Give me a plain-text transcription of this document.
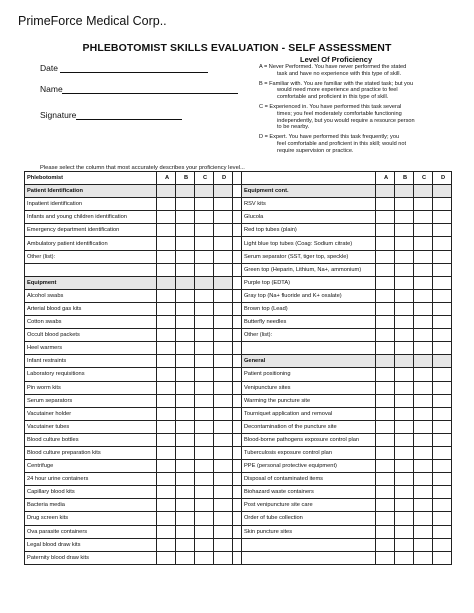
PrimeForce Medical Corp..
PHLEBOTOMIST SKILLS EVALUATION - SELF ASSESSMENT
Level Of Proficiency
Date
Name
Signature
A = Never Performed. You have never performed the stated
task and have no experience with this type of skill.
B = Familiar with. You are familiar with the stated task; but you
would need more experience and practice to feel
comfortable and proficient in this type of skill.
C = Experienced in. You have performed this task several
times; you feel moderately comfortable functioning
independently, but you would require a resource person
to be nearby.
D = Expert. You have performed this task frequently; you
feel comfortable and proficient in this skill; would not
require supervision or practice.
Please select the column that most accurately describes your proficiency level...
Phlebotomist	A	B	C	D			A	B	C	D
Patient Identification						Equipment cont.				
Inpatient identification						RSV kits				
Infants and young children identification						Glucola				
Emergency department identification						Red top tubes (plain)				
Ambulatory patient identification						Light blue top tubes (Coag: Sodium citrate)				
Other (list):						Serum separator (SST, tiger top, speckle)				
						Green top (Heparin, Lithium, Na+, ammonium)				
Equipment						Purple top (EDTA)				
Alcohol swabs						Gray top (Na+ fluoride and K+ oxalate)				
Arterial blood gas kits						Brown top (Lead)				
Cotton swabs						Butterfly needles				
Occult blood packets						Other (list):				
Heel warmers										
Infant restraints						General				
Laboratory requisitions						Patient positioning				
Pin worm kits						Venipuncture sites				
Serum separators						Warming the puncture site				
Vacutainer holder						Tourniquet application and removal				
Vacutainer tubes						Decontamination of the puncture site				
Blood culture bottles						Blood-borne pathogens exposure control plan				
Blood culture preparation kits						Tuberculosis exposure control plan				
Centrifuge						PPE (personal protective equipment)				
24 hour urine containers						Disposal of contaminated items				
Capillary blood kits						Biohazard waste containers				
Bacteria media						Post venipuncture site care				
Drug screen kits						Order of tube collection				
Ova parasite containers						Skin puncture sites				
Legal blood draw kits										
Paternity blood draw kits										
